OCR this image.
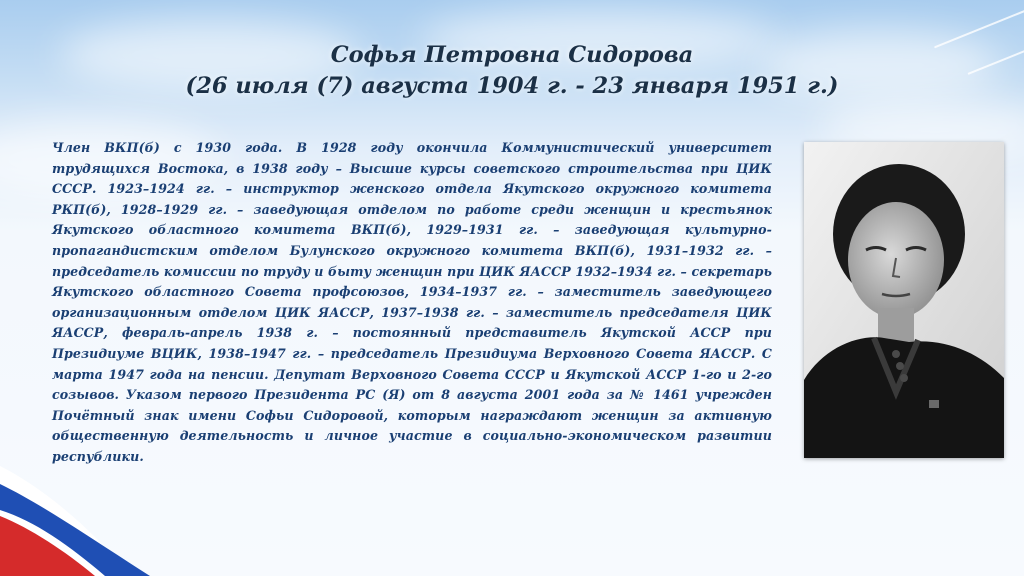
Софья Петровна Сидорова
(26 июля (7) августа 1904 г. - 23 января 1951 г.)

Член ВКП(б) с 1930 года. В 1928 году окончила Коммунистический университет трудящихся Востока, в 1938 году – Высшие курсы советского строительства при ЦИК СССР. 1923–1924 гг. – инструктор женского отдела Якутского окружного комитета РКП(б), 1928–1929 гг. – заведующая отделом по работе среди женщин и крестьянок Якутского областного комитета ВКП(б), 1929–1931 гг. – заведующая культурно-пропагандистским отделом Булунского окружного комитета ВКП(б), 1931–1932 гг. – председатель комиссии по труду и быту женщин при ЦИК ЯАССР 1932–1934 гг. – секретарь Якутского областного Совета профсоюзов, 1934–1937 гг. – заместитель заведующего организационным отделом ЦИК ЯАССР, 1937–1938 гг. – заместитель председателя ЦИК ЯАССР, февраль-апрель 1938 г. – постоянный представитель Якутской АССР при Президиуме ВЦИК, 1938–1947 гг. – председатель Президиума Верховного Совета ЯАССР. С марта 1947 года на пенсии. Депутат Верховного Совета СССР и Якутской АССР 1-го и 2-го созывов. Указом первого Президента РС (Я) от 8 августа 2001 года за № 1461 учрежден Почётный знак имени Софьи Сидоровой, которым награждают женщин за активную общественную деятельность и личное участие в социально-экономическом развитии республики.
